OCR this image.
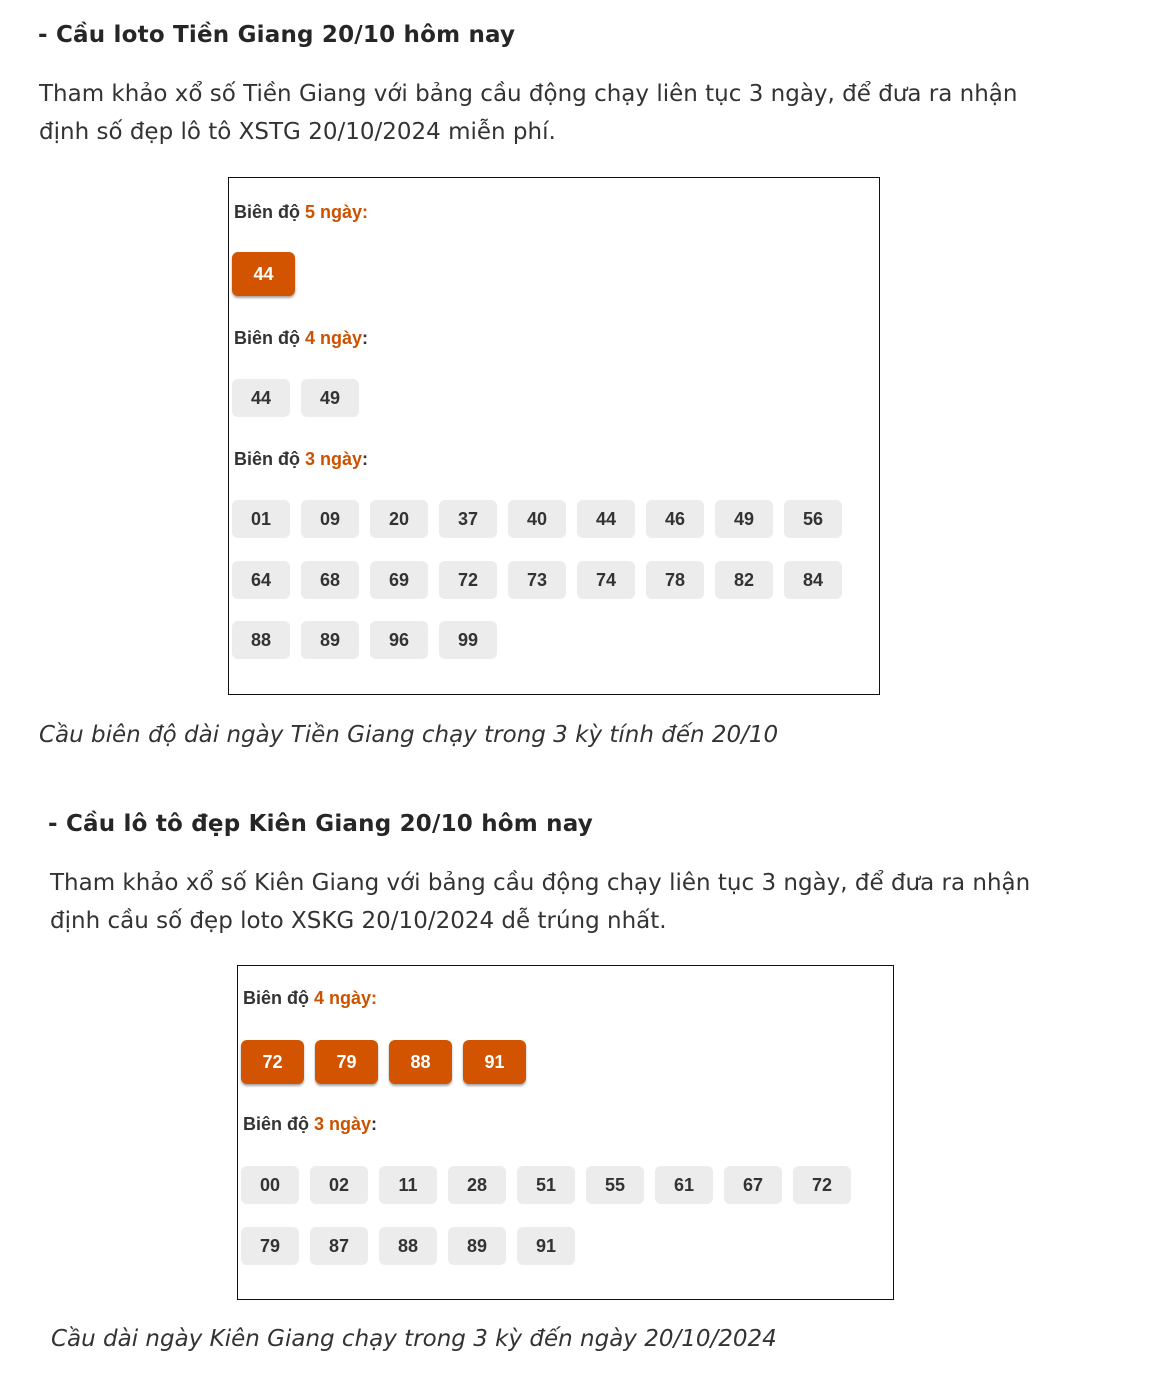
- Cầu loto Tiền Giang 20/10 hôm nay

Tham khảo xổ số Tiền Giang với bảng cầu động chạy liên tục 3 ngày, để đưa ra nhận định số đẹp lô tô XSTG 20/10/2024 miễn phí.

Biên độ 5 ngày:
44
Biên độ 4 ngày:
44	49
Biên độ 3 ngày:
01	09	20	37	40	44	46	49	56
64	68	69	72	73	74	78	82	84
88	89	96	99

Cầu biên độ dài ngày Tiền Giang chạy trong 3 kỳ tính đến 20/10

- Cầu lô tô đẹp Kiên Giang 20/10 hôm nay

Tham khảo xổ số Kiên Giang với bảng cầu động chạy liên tục 3 ngày, để đưa ra nhận định cầu số đẹp loto XSKG 20/10/2024 dễ trúng nhất.

Biên độ 4 ngày:
72	79	88	91
Biên độ 3 ngày:
00	02	11	28	51	55	61	67	72
79	87	88	89	91

Cầu dài ngày Kiên Giang chạy trong 3 kỳ đến ngày 20/10/2024
